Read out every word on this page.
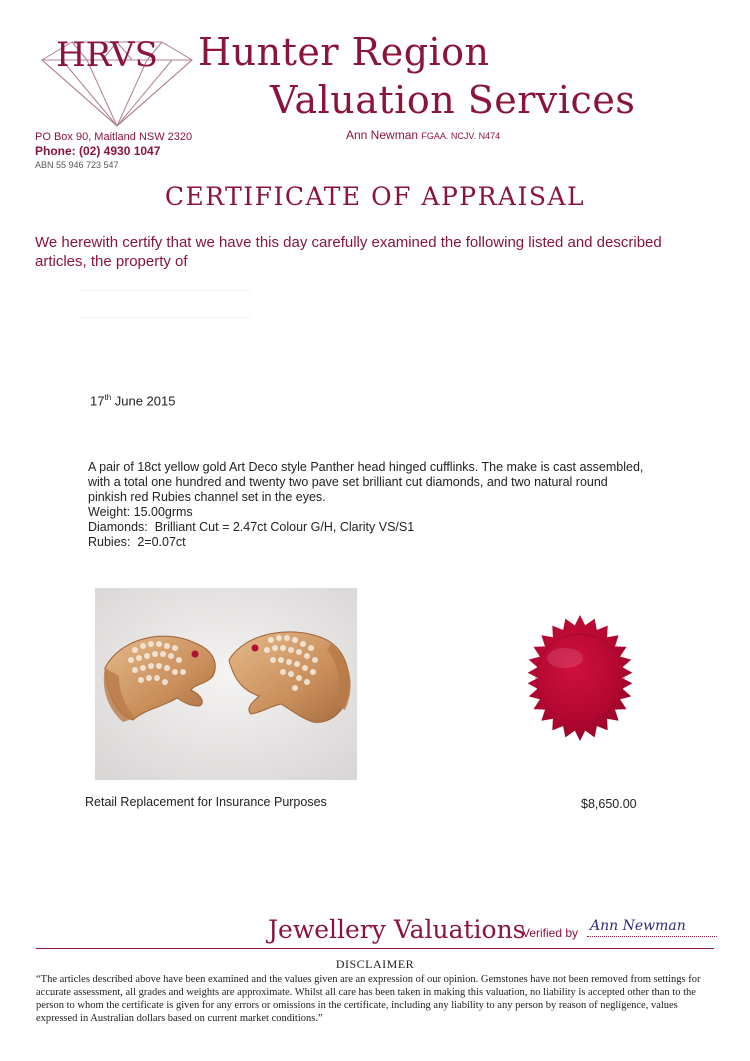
HRVS Hunter Region
Valuation Services
Ann Newman FGAA. NCJV. N474
PO Box 90, Maitland NSW 2320
Phone: (02) 4930 1047
ABN 55 946 723 547
CERTIFICATE OF APPRAISAL
We herewith certify that we have this day carefully examined the following listed and described articles, the property of
17th June 2015
A pair of 18ct yellow gold Art Deco style Panther head hinged cufflinks. The make is cast assembled,
with a total one hundred and twenty two pave set brilliant cut diamonds, and two natural round
pinkish red Rubies channel set in the eyes.
Weight: 15.00grms
Diamonds:  Brilliant Cut = 2.47ct Colour G/H, Clarity VS/S1
Rubies:  2=0.07ct
Retail Replacement for Insurance Purposes	$8,650.00
Jewellery Valuations
Verified by Ann Newman
DISCLAIMER
“The articles described above have been examined and the values given are an expression of our opinion. Gemstones have not been removed from settings for accurate assessment, all grades and weights are approximate. Whilst all care has been taken in making this valuation, no liability is accepted other than to the person to whom the certificate is given for any errors or omissions in the certificate, including any liability to any person by reason of negligence, values expressed in Australian dollars based on current market conditions.”
